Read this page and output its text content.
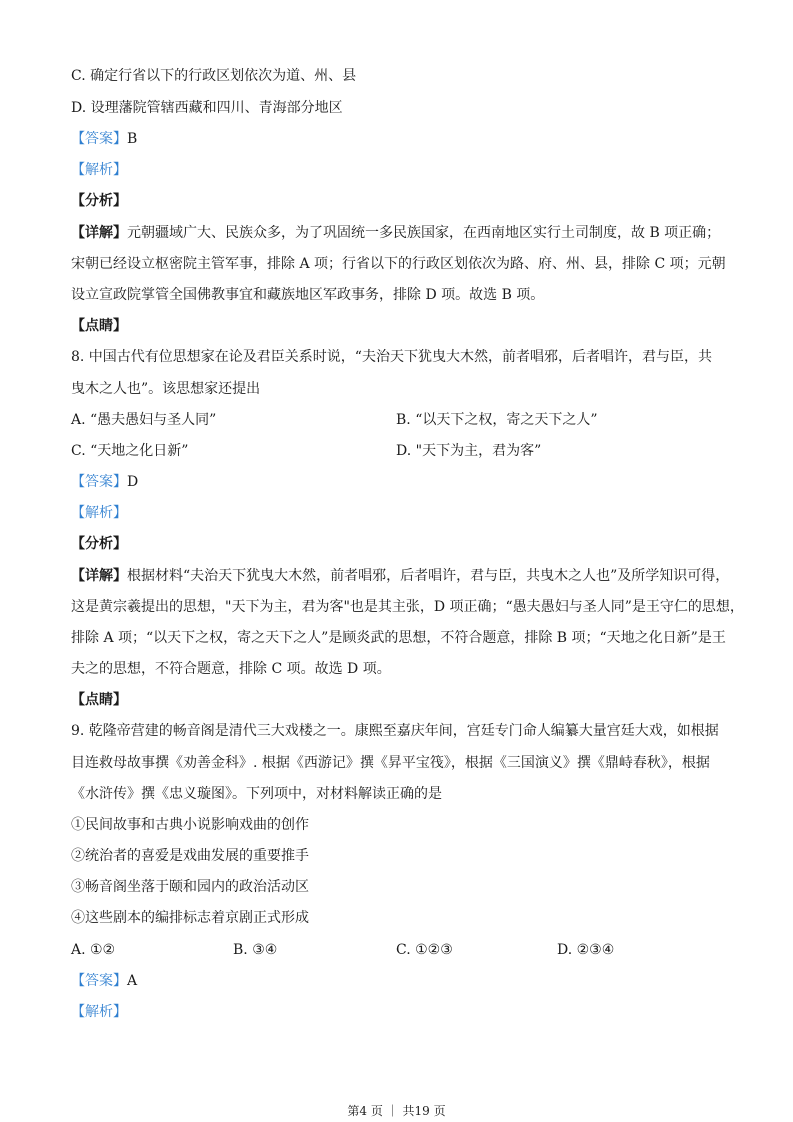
C. 确定行省以下的行政区划依次为道、州、县
D. 设理藩院管辖西藏和四川、青海部分地区
【答案】B
【解析】
【分析】
【详解】元朝疆域广大、民族众多，为了巩固统一多民族国家，在西南地区实行土司制度，故 B 项正确；
宋朝已经设立枢密院主管军事，排除 A 项；行省以下的行政区划依次为路、府、州、县，排除 C 项；元朝
设立宣政院掌管全国佛教事宜和藏族地区军政事务，排除 D 项。故选 B 项。
【点睛】
8. 中国古代有位思想家在论及君臣关系时说，“夫治天下犹曳大木然，前者唱邪，后者唱许，君与臣，共
曳木之人也”。该思想家还提出
A. “愚夫愚妇与圣人同”	B. “以天下之权，寄之天下之人”
C. “天地之化日新”	D. "天下为主，君为客”
【答案】D
【解析】
【分析】
【详解】根据材料“夫治天下犹曳大木然，前者唱邪，后者唱许，君与臣，共曳木之人也”及所学知识可得，
这是黄宗羲提出的思想，"天下为主，君为客"也是其主张，D 项正确；“愚夫愚妇与圣人同”是王守仁的思想，
排除 A 项；“以天下之权，寄之天下之人”是顾炎武的思想，不符合题意，排除 B 项；“天地之化日新”是王
夫之的思想，不符合题意，排除 C 项。故选 D 项。
【点睛】
9. 乾隆帝营建的畅音阁是清代三大戏楼之一。康熙至嘉庆年间，宫廷专门命人编纂大量宫廷大戏，如根据
目连救母故事撰《劝善金科》. 根据《西游记》撰《昇平宝筏》，根据《三国演义》撰《鼎峙春秋》，根据
《水浒传》撰《忠义璇图》。下列项中，对材料解读正确的是
①民间故事和古典小说影响戏曲的创作
②统治者的喜爱是戏曲发展的重要推手
③畅音阁坐落于颐和园内的政治活动区
④这些剧本的编排标志着京剧正式形成
A. ①②	B. ③④	C. ①②③	D. ②③④
【答案】A
【解析】
第4 页 ｜ 共19 页
